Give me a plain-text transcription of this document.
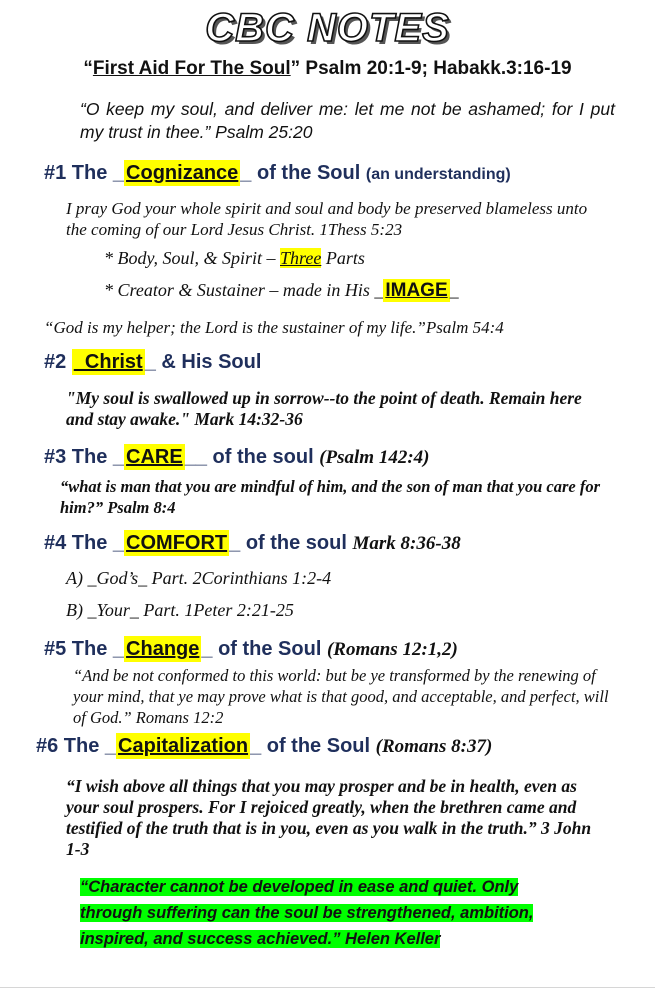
CBC NOTES
“First Aid For The Soul” Psalm 20:1-9; Habakk.3:16-19
“O keep my soul, and deliver me: let me not be ashamed; for I put my trust in thee.” Psalm 25:20
#1 The _ Cognizance _ of the Soul (an understanding)
I pray God your whole spirit and soul and body be preserved blameless unto the coming of our Lord Jesus Christ. 1Thess 5:23
* Body, Soul, & Spirit – Three Parts
* Creator & Sustainer – made in His _ IMAGE _
“God is my helper; the Lord is the sustainer of my life.”Psalm 54:4
#2 _Christ _ & His Soul
"My soul is swallowed up in sorrow--to the point of death. Remain here and stay awake." Mark 14:32-36
#3 The _ CARE __ of the soul (Psalm 142:4)
“what is man that you are mindful of him, and the son of man that you care for him?” Psalm 8:4
#4 The _ COMFORT _ of the soul Mark 8:36-38
A) _God’s_ Part. 2Corinthians 1:2-4
B) _Your_ Part. 1Peter 2:21-25
#5 The _ Change _ of the Soul (Romans 12:1,2)
“And be not conformed to this world: but be ye transformed by the renewing of your mind, that ye may prove what is that good, and acceptable, and perfect, will of God.” Romans 12:2
#6 The _ Capitalization _ of the Soul (Romans 8:37)
“I wish above all things that you may prosper and be in health, even as your soul prospers. For I rejoiced greatly, when the brethren came and testified of the truth that is in you, even as you walk in the truth.” 3 John 1-3
“Character cannot be developed in ease and quiet. Only through suffering can the soul be strengthened, ambition, inspired, and success achieved.” Helen Keller
